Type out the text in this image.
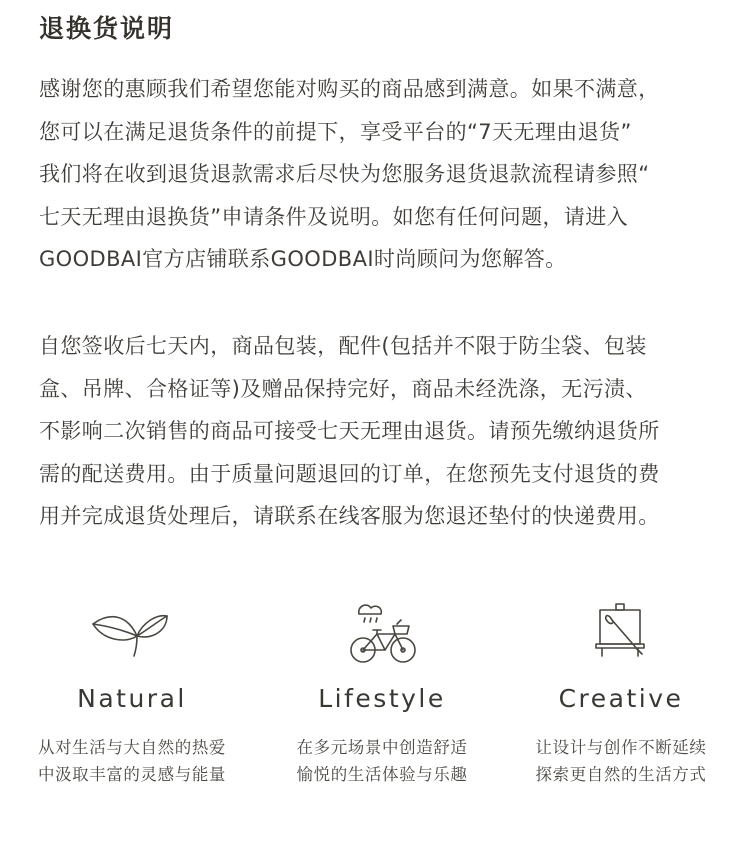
退换货说明
感谢您的惠顾我们希望您能对购买的商品感到满意。如果不满意，
您可以在满足退货条件的前提下，享受平台的“7天无理由退货”
我们将在收到退货退款需求后尽快为您服务退货退款流程请参照“
七天无理由退换货”申请条件及说明。如您有任何问题，请进入
GOODBAI官方店铺联系GOODBAI时尚顾问为您解答。
自您签收后七天内，商品包装，配件(包括并不限于防尘袋、包装
盒、吊牌、合格证等)及赠品保持完好，商品未经洗涤，无污渍、
不影响二次销售的商品可接受七天无理由退货。请预先缴纳退货所
需的配送费用。由于质量问题退回的订单，在您预先支付退货的费
用并完成退货处理后，请联系在线客服为您退还垫付的快递费用。
Natural
从对生活与大自然的热爱
中汲取丰富的灵感与能量
Lifestyle
在多元场景中创造舒适
愉悦的生活体验与乐趣
Creative
让设计与创作不断延续
探索更自然的生活方式
